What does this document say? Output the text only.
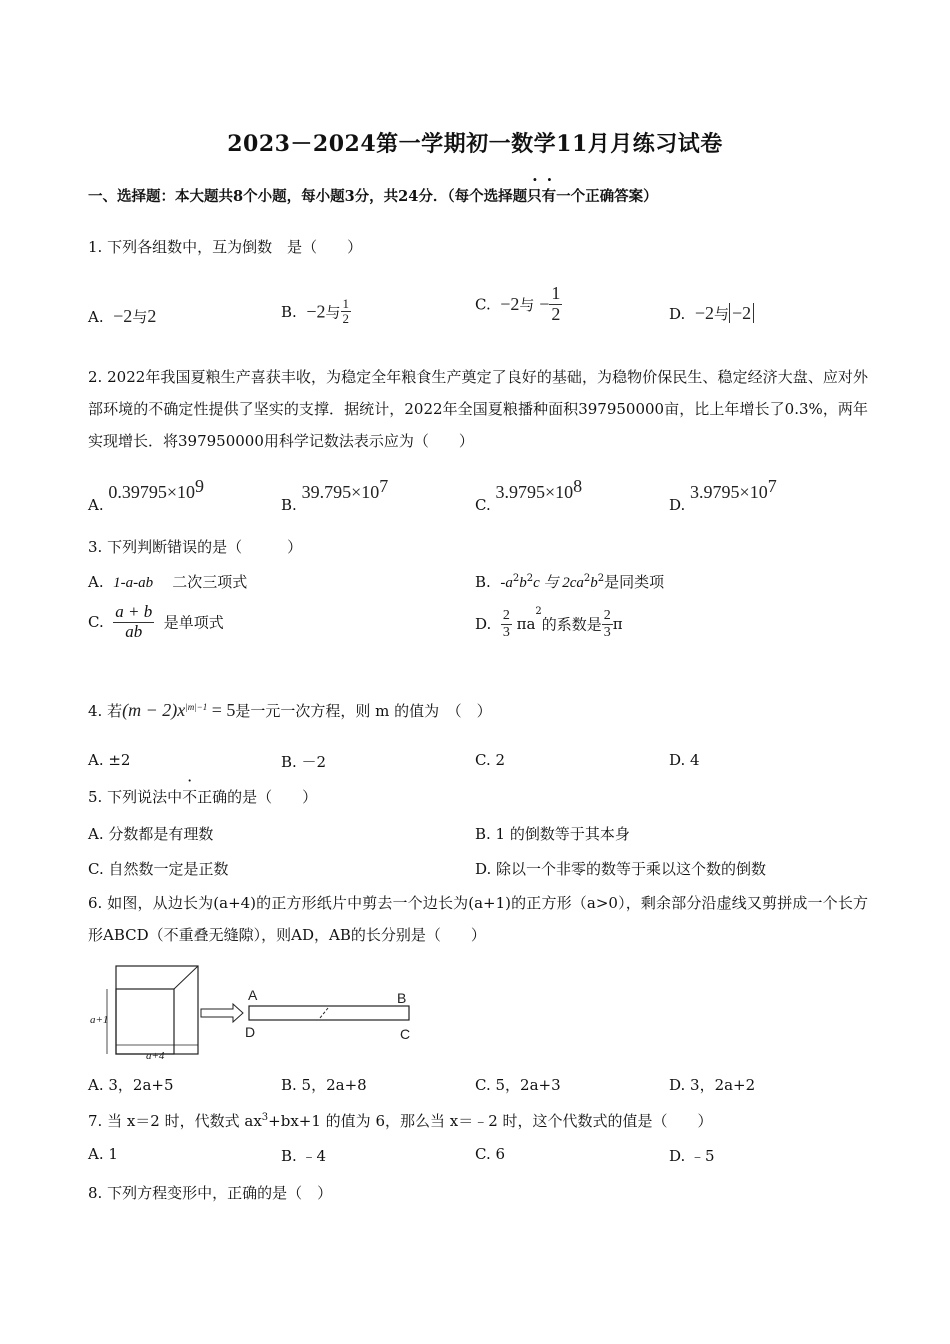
2023－2024第一学期初一数学11月月练习试卷
一、选择题：本大题共8个小题，每小题3分，共24分．（每个选择题只有一个正确答案）
1. 下列各组数中，互为倒数　是（　　）
A. −2与2	B. −2与 $\frac{1}{2}$	C. −2与 − $\frac{1}{2}$	D. −2与 −2
2. 2022年我国夏粮生产喜获丰收，为稳定全年粮食生产奠定了良好的基础，为稳物价保民生、稳定经济大盘、应对外部环境的不确定性提供了坚实的支撑．据统计，2022年全国夏粮播种面积397950000亩，比上年增长了0.3%，两年实现增长．将397950000用科学记数法表示应为（　　）
A. $0.39795\times 10^9$
B. $39.795\times 10^7$
C. $3.9795\times 10^8$
D. $3.9795\times 10^7$
3. 下列判断错误的是（　　　）
A. 1-a-ab 二次三项式	B. $-a^2b^2c$ 与 $2ca^2b^2$是同类项
C. $\frac{a + b}{ab}$ 是单项式	D. $\frac{2}{3} \pi a^2$的系数是 $\frac{2}{3}$ π
4. 若$(m - 2)x^{|m|-1} = 5$是一元一次方程，则 m 的值为　（　）
A. ±2	B. －2	C. 2	D. 4
5. 下列说法中不正确的是（　　）
A. 分数都是有理数	B. 1 的倒数等于其本身
C. 自然数一定是正数	D. 除以一个非零的数等于乘以这个数的倒数
6. 如图，从边长为(a+4)的正方形纸片中剪去一个边长为(a+1)的正方形（a>0），剩余部分沿虚线又剪拼成一个长方形ABCD（不重叠无缝隙），则AD，AB的长分别是（　　）
a+1
a+4
A	B
D	C
A. 3，2a+5	B. 5，2a+8	C. 5，2a+3	D. 3，2a+2
7. 当 x＝2 时，代数式 $ax^3+bx+1$ 的值为 6，那么当 x＝﹣2 时，这个代数式的值是（　　）
A. 1	B. ﹣4	C. 6	D. ﹣5
8. 下列方程变形中，正确的是（　）
